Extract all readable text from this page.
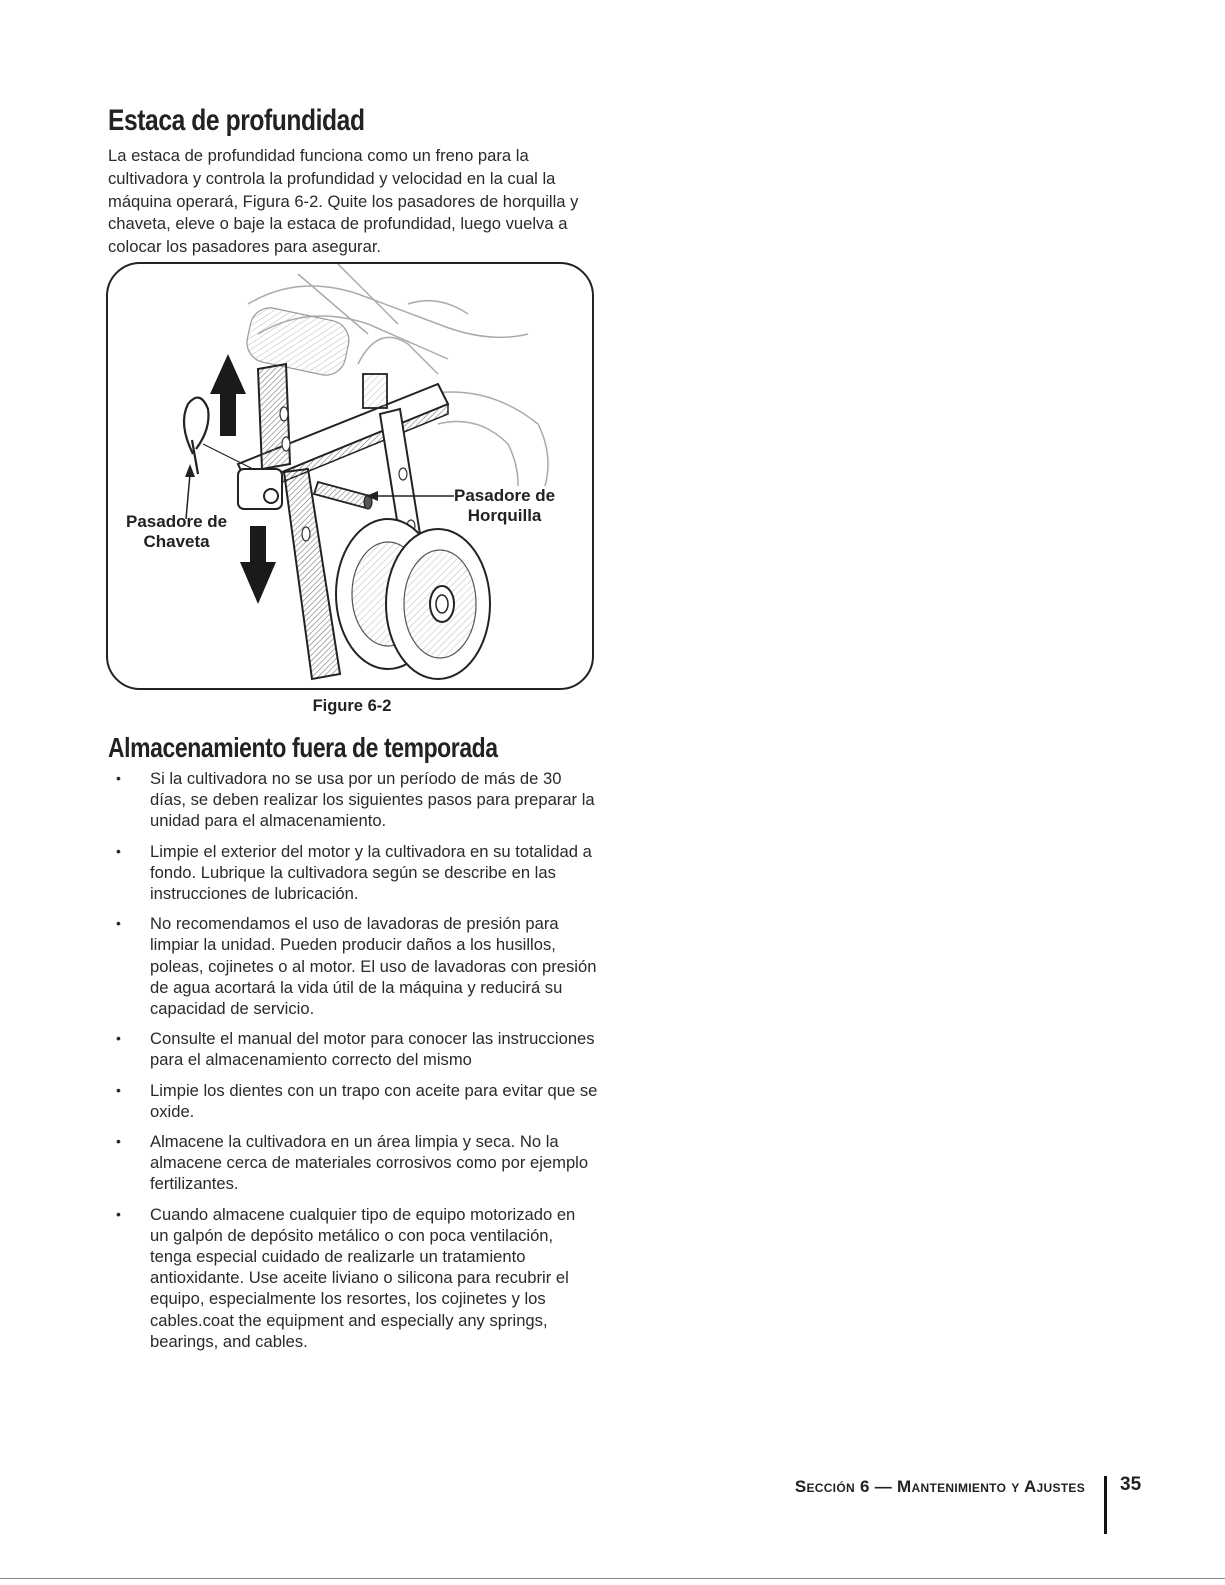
Estaca de profundidad

La estaca de profundidad funciona como un freno para la cultivadora y controla la profundidad y velocidad en la cual la máquina operará, Figura 6-2. Quite los pasadores de horquilla y chaveta, eleve o baje la estaca de profundidad, luego vuelva a colocar los pasadores para asegurar.

Pasadore de
Chaveta
Pasadore de
Horquilla
Figure 6-2
Almacenamiento fuera de temporada
• Si la cultivadora no se usa por un período de más de 30 días, se deben realizar los siguientes pasos para preparar la unidad para el almacenamiento.
• Limpie el exterior del motor y la cultivadora en su totalidad a fondo. Lubrique la cultivadora según se describe en las instrucciones de lubricación.
• No recomendamos el uso de lavadoras de presión para limpiar la unidad. Pueden producir daños a los husillos, poleas, cojinetes o al motor. El uso de lavadoras con presión de agua acortará la vida útil de la máquina y reducirá su capacidad de servicio.
• Consulte el manual del motor para conocer las instrucciones para el almacenamiento correcto del mismo
• Limpie los dientes con un trapo con aceite para evitar que se oxide.
• Almacene la cultivadora en un área limpia y seca. No la almacene cerca de materiales corrosivos como por ejemplo fertilizantes.
• Cuando almacene cualquier tipo de equipo motorizado en un galpón de depósito metálico o con poca ventilación, tenga especial cuidado de realizarle un tratamiento antioxidante. Use aceite liviano o silicona para recubrir el equipo, especialmente los resortes, los cojinetes y los cables.coat the equipment and especially any springs, bearings, and cables.
Sección 6 — Mantenimiento y Ajustes 35
